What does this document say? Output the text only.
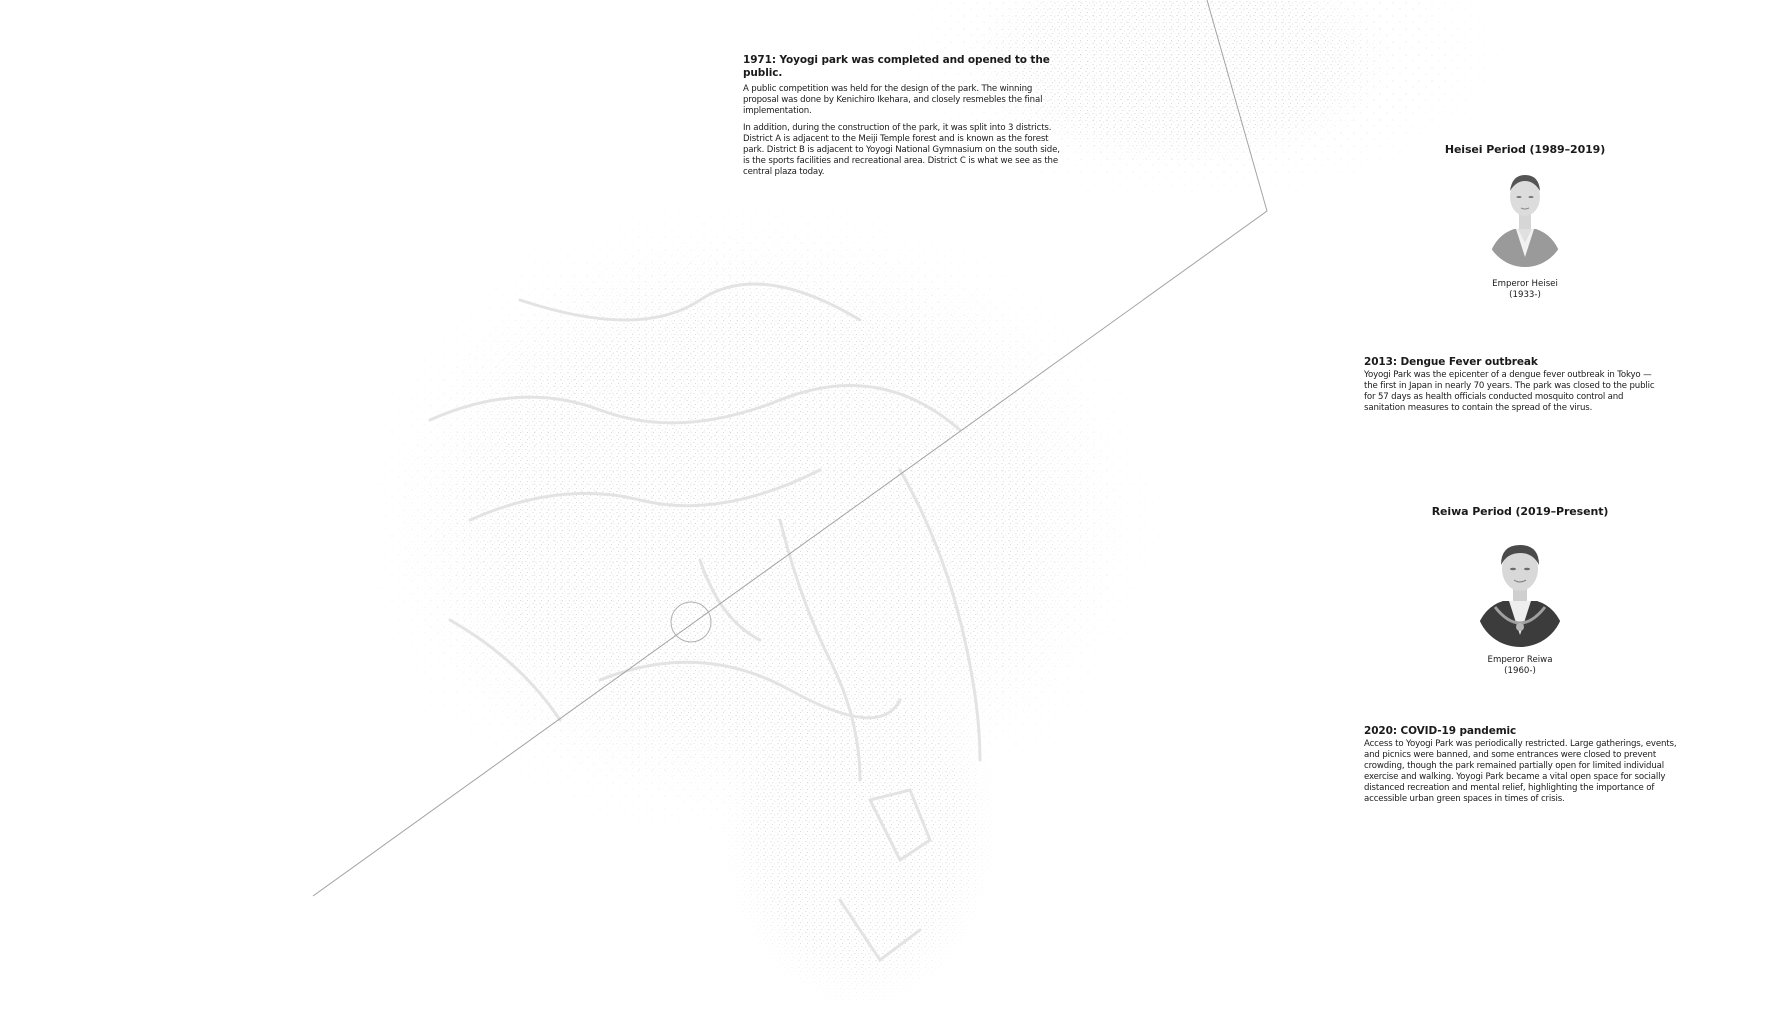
1971: Yoyogi park was completed and opened to the public.

A public competition was held for the design of the park. The winning proposal was done by Kenichiro Ikehara, and closely resmebles the final implementation.

In addition, during the construction of the park, it was split into 3 districts. District A is adjacent to the Meiji Temple forest and is known as the forest park. District B is adjacent to Yoyogi National Gymnasium on the south side, is the sports facilities and recreational area. District C is what we see as the central plaza today.

Heisei Period (1989–2019)
Emperor Heisei
(1933-)
2013: Dengue Fever outbreak

Yoyogi Park was the epicenter of a dengue fever outbreak in Tokyo — the first in Japan in nearly 70 years. The park was closed to the public for 57 days as health officials conducted mosquito control and sanitation measures to contain the spread of the virus.

Reiwa Period (2019–Present)
Emperor Reiwa
(1960-)
2020: COVID-19 pandemic

Access to Yoyogi Park was periodically restricted. Large gatherings, events, and picnics were banned, and some entrances were closed to prevent crowding, though the park remained partially open for limited individual exercise and walking. Yoyogi Park became a vital open space for socially distanced recreation and mental relief, highlighting the importance of accessible urban green spaces in times of crisis.
